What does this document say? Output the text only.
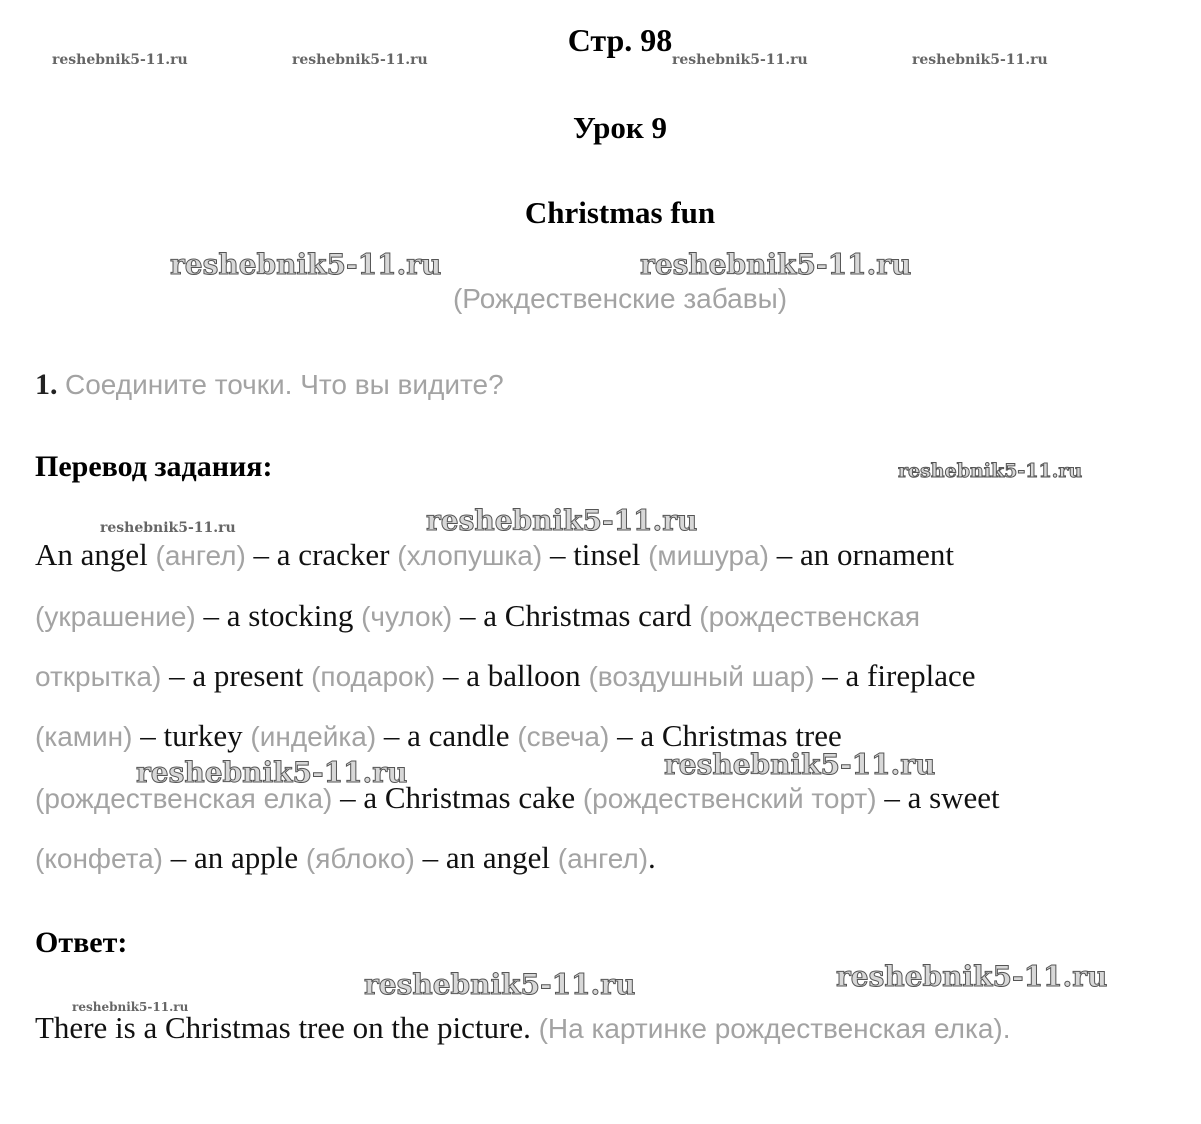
Стр. 98
Урок 9
Christmas fun
(Рождественские забавы)
1. Соедините точки. Что вы видите?
Перевод задания:
An angel (ангел) – a cracker (хлопушка) – tinsel (мишура) – an ornament
(украшение) – a stocking (чулок) – a Christmas card (рождественская
открытка) – a present (подарок) – a balloon (воздушный шар) – a fireplace
(камин) – turkey (индейка) – a candle (свеча) – a Christmas tree
(рождественская елка) – a Christmas cake (рождественский торт) – a sweet
(конфета) – an apple (яблоко) – an angel (ангел).
Ответ:
There is a Christmas tree on the picture. (На картинке рождественская елка).
reshebnik5-11.ru	reshebnik5-11.ru	reshebnik5-11.ru	reshebnik5-11.ru
reshebnik5-11.ru	reshebnik5-11.ru
reshebnik5-11.ru
reshebnik5-11.ru	reshebnik5-11.ru
reshebnik5-11.ru	reshebnik5-11.ru
reshebnik5-11.ru	reshebnik5-11.ru
reshebnik5-11.ru
